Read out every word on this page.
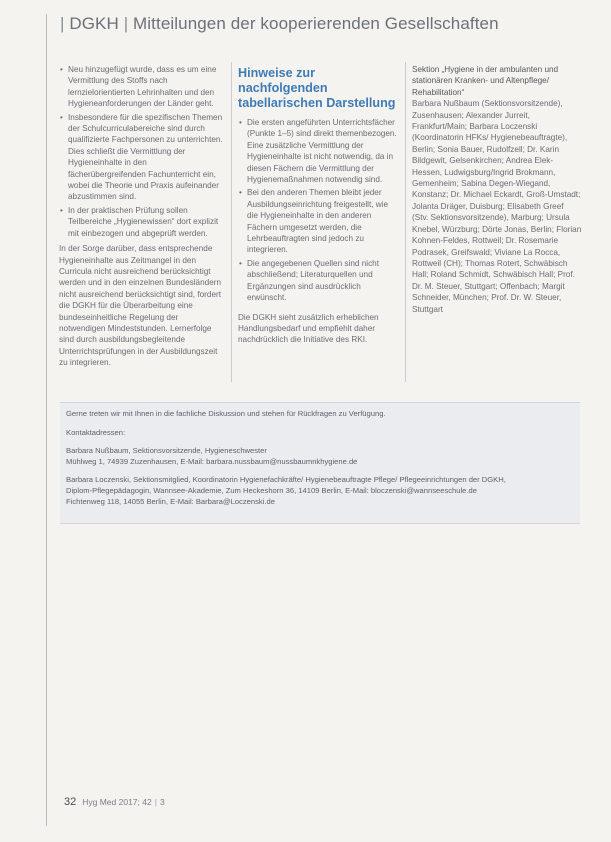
| DGKH | Mitteilungen der kooperierenden Gesellschaften
• Neu hinzugefügt wurde, dass es um eine Vermittlung des Stoffs nach lernzielorientierten Lehrinhalten und den Hygieneanforderungen der Länder geht.
• Insbesondere für die spezifischen Themen der Schulcurriculabereiche sind durch qualifizierte Fachpersonen zu unterrichten. Dies schließt die Vermittlung der Hygieneinhalte in den fächerübergreifenden Fachunterricht ein, wobei die Theorie und Praxis aufeinander abzustimmen sind.
• In der praktischen Prüfung sollen Teilbereiche „Hygienewissen“ dort explizit mit einbezogen und abgeprüft werden.

In der Sorge darüber, dass entsprechende Hygieneinhalte aus Zeitmangel in den Curricula nicht ausreichend berücksichtigt werden und in den einzelnen Bundesländern nicht ausreichend berücksichtigt sind, fordert die DGKH für die Überarbeitung eine bundeseinheitliche Regelung der notwendigen Mindeststunden. Lernerfolge sind durch ausbildungsbegleitende Unterrichtsprüfungen in der Ausbildungszeit zu integrieren.

Hinweise zur nachfolgenden tabellarischen Darstellung
• Die ersten angeführten Unterrichtsfächer (Punkte 1–5) sind direkt themenbezogen. Eine zusätzliche Vermittlung der Hygieneinhalte ist nicht notwendig, da in diesen Fächern die Vermittlung der Hygienemaßnahmen notwendig sind.
• Bei den anderen Themen bleibt jeder Ausbildungseinrichtung freigestellt, wie die Hygieneinhalte in den anderen Fächern umgesetzt werden, die Lehrbeauftragten sind jedoch zu integrieren.
• Die angegebenen Quellen sind nicht abschließend; Literaturquellen und Ergänzungen sind ausdrücklich erwünscht.

Die DGKH sieht zusätzlich erheblichen Handlungsbedarf und empfiehlt daher nachdrücklich die Initiative des RKI.

Sektion „Hygiene in der ambulanten und stationären Kranken- und Altenpflege/ Rehabilitation“

Barbara Nußbaum (Sektionsvorsitzende), Zusenhausen; Alexander Jurreit, Frankfurt/Main; Barbara Loczenski (Koordinatorin HFKs/ Hygienebeauftragte), Berlin; Sonia Bauer, Rudolfzell; Dr. Karin Bildgewit, Gelsenkirchen; Andrea Elek-Hessen, Ludwigsburg/Ingrid Brokmann, Gemenheim; Sabina Degen-Wiegand, Konstanz; Dr. Michael Eckardt, Groß-Umstadt; Jolanta Dräger, Duisburg; Elisabeth Greef (Stv. Sektionsvorsitzende), Marburg; Ursula Knebel, Würzburg; Dörte Jonas, Berlin; Florian Kohnen-Feldes, Rottweil; Dr. Rosemarie Podrasek, Greifswald; Viviane La Rocca, Rottweil (CH); Thomas Rotert, Schwäbisch Hall; Roland Schmidt, Schwäbisch Hall; Prof. Dr. M. Steuer, Stuttgart; Offenbach; Margit Schneider, München; Prof. Dr. W. Steuer, Stuttgart

Gerne treten wir mit Ihnen in die fachliche Diskussion und stehen für Rückfragen zu Verfügung.

Kontaktadressen:

Barbara Nußbaum, Sektionsvorsitzende, Hygieneschwester
Mühlweg 1, 74939 Zuzenhausen, E-Mail: barbara.nussbaum@nussbaumnkhygiene.de

Barbara Loczenski, Sektionsmitglied, Koordinatorin Hygienefachkräfte/ Hygienebeauftragte Pflege/ Pflegeeinrichtungen der DGKH,
Diplom-Pflegepädagogin, Wannsee-Akademie, Zum Heckeshorn 36, 14109 Berlin, E-Mail: bloczenski@wannseeschule.de
Fichtenweg 118, 14055 Berlin, E-Mail: Barbara@Loczenski.de

32 Hyg Med 2017; 42 | 3
